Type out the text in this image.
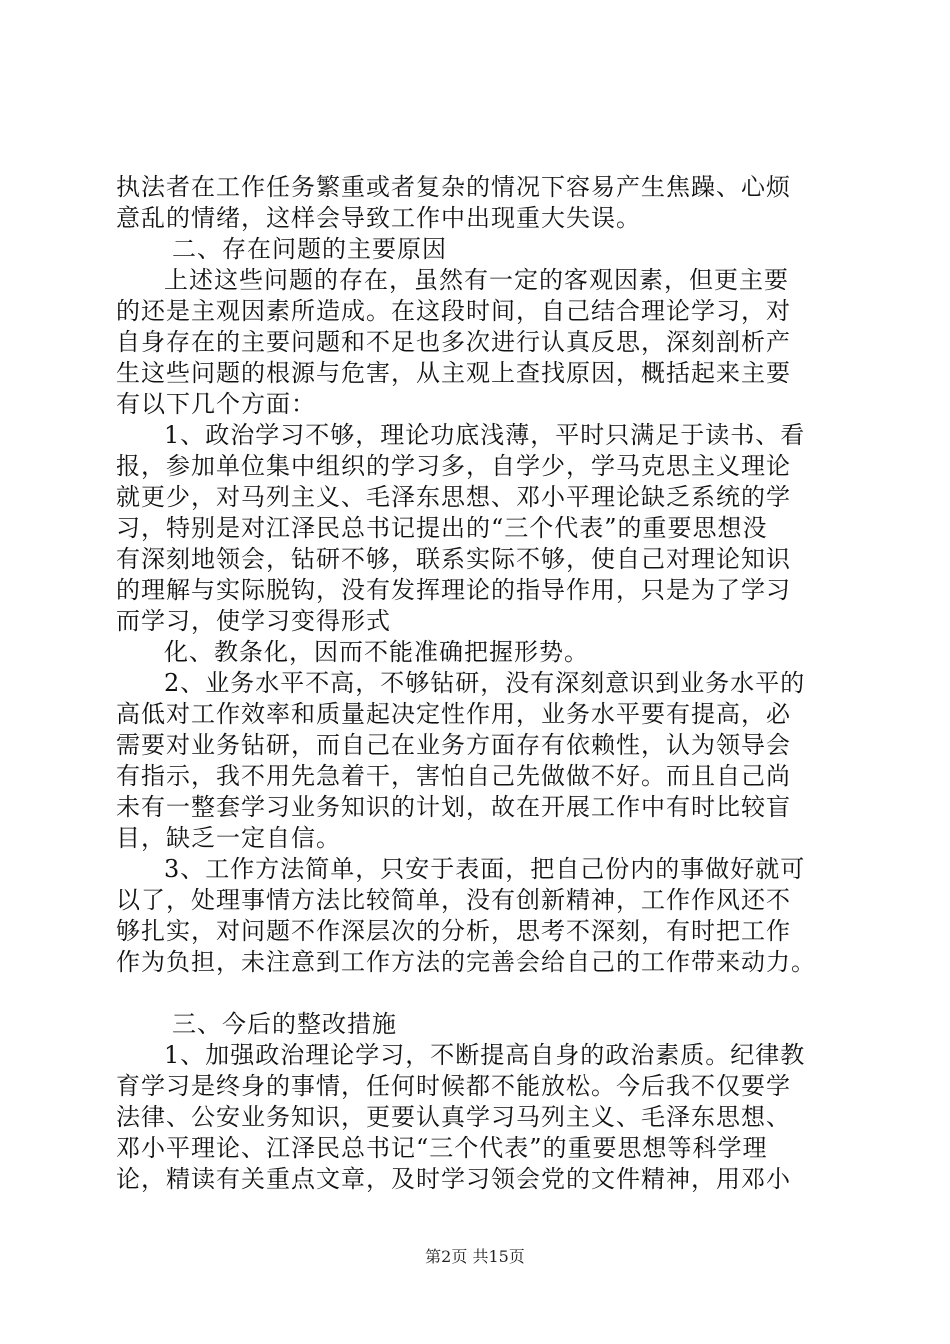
执法者在工作任务繁重或者复杂的情况下容易产生焦躁、心烦
意乱的情绪，这样会导致工作中出现重大失误。
二、存在问题的主要原因
上述这些问题的存在，虽然有一定的客观因素，但更主要
的还是主观因素所造成。在这段时间，自己结合理论学习，对
自身存在的主要问题和不足也多次进行认真反思，深刻剖析产
生这些问题的根源与危害，从主观上查找原因，概括起来主要
有以下几个方面：
1、政治学习不够，理论功底浅薄，平时只满足于读书、看
报，参加单位集中组织的学习多，自学少，学马克思主义理论
就更少，对马列主义、毛泽东思想、邓小平理论缺乏系统的学
习，特别是对江泽民总书记提出的“三个代表”的重要思想没
有深刻地领会，钻研不够，联系实际不够，使自己对理论知识
的理解与实际脱钩，没有发挥理论的指导作用，只是为了学习
而学习，使学习变得形式
化、教条化，因而不能准确把握形势。
2、业务水平不高，不够钻研，没有深刻意识到业务水平的
高低对工作效率和质量起决定性作用，业务水平要有提高，必
需要对业务钻研，而自己在业务方面存有依赖性，认为领导会
有指示，我不用先急着干，害怕自己先做做不好。而且自己尚
未有一整套学习业务知识的计划，故在开展工作中有时比较盲
目，缺乏一定自信。
3、工作方法简单，只安于表面，把自己份内的事做好就可
以了，处理事情方法比较简单，没有创新精神，工作作风还不
够扎实，对问题不作深层次的分析，思考不深刻，有时把工作
作为负担，未注意到工作方法的完善会给自己的工作带来动力。
三、今后的整改措施
1、加强政治理论学习，不断提高自身的政治素质。纪律教
育学习是终身的事情，任何时候都不能放松。今后我不仅要学
法律、公安业务知识，更要认真学习马列主义、毛泽东思想、
邓小平理论、江泽民总书记“三个代表”的重要思想等科学理
论，精读有关重点文章，及时学习领会党的文件精神，用邓小
第2页 共15页
